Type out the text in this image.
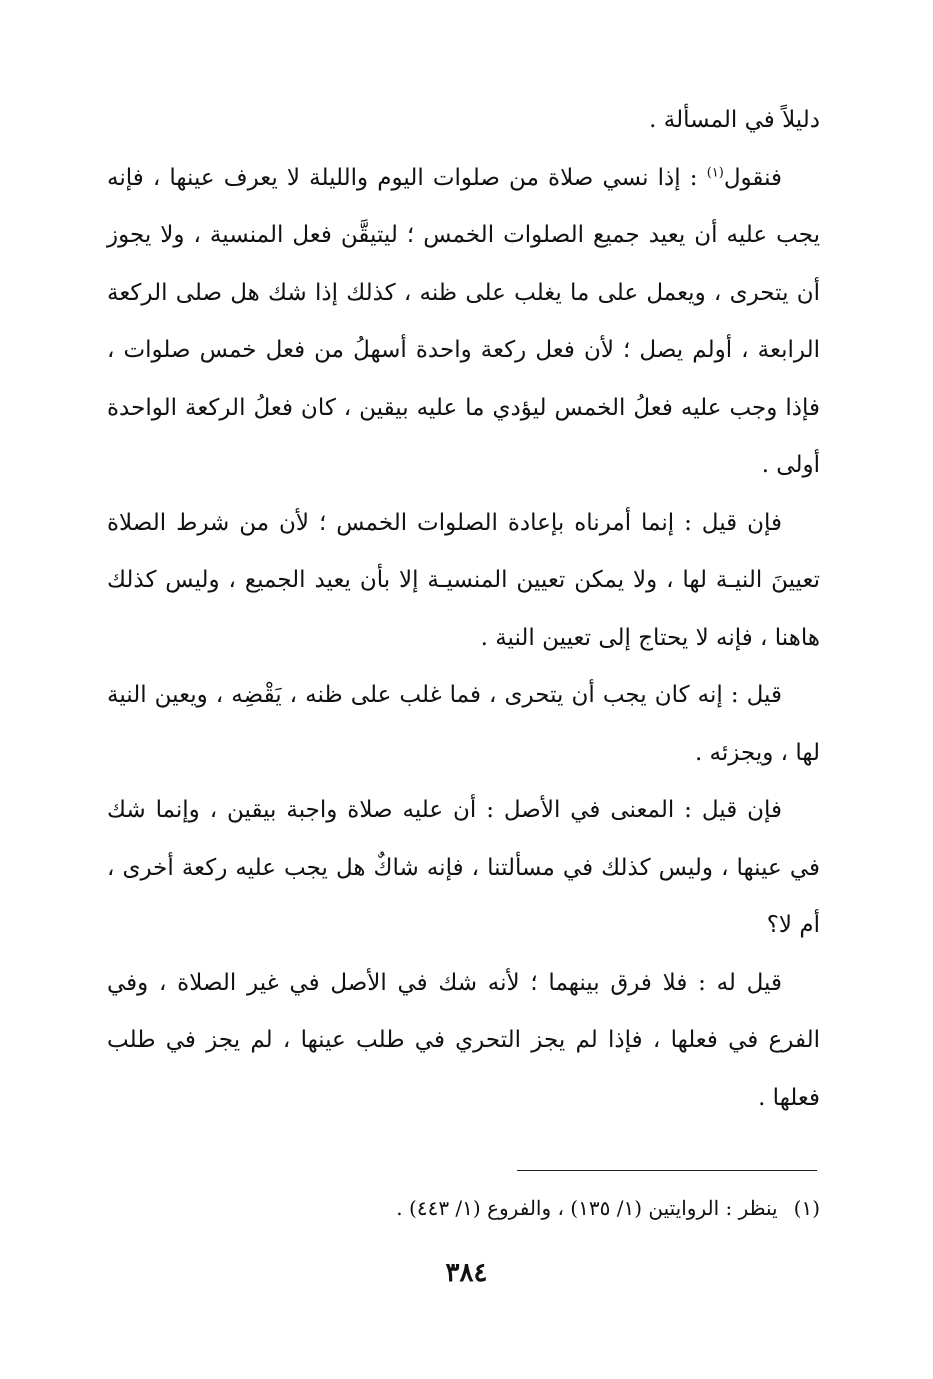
دليلاً في المسألة .

فنقول$^{(١)}$ : إذا نسي صلاة من صلوات اليوم والليلة لا يعرف عينها ، فإنه يجب عليه أن يعيد جميع الصلوات الخمس ؛ ليتيقَّن فعل المنسية ، ولا يجوز أن يتحرى ، ويعمل على ما يغلب على ظنه ، كذلك إذا شك هل صلى الركعة الرابعة ، أولم يصل ؛ لأن فعل ركعة واحدة أسهلُ من فعل خمس صلوات ، فإذا وجب عليه فعلُ الخمس ليؤدي ما عليه بيقين ، كان فعلُ الركعة الواحدة أولى .

فإن قيل : إنما أمرناه بإعادة الصلوات الخمس ؛ لأن من شرط الصلاة تعيينَ النيـة لها ، ولا يمكن تعيين المنسيـة إلا بأن يعيد الجميع ، وليس كذلك هاهنا ، فإنه لا يحتاج إلى تعيين النية .

قيل : إنه كان يجب أن يتحرى ، فما غلب على ظنه ، يَقْضِه ، ويعين النية لها ، ويجزئه .

فإن قيل : المعنى في الأصل : أن عليه صلاة واجبة بيقين ، وإنما شك في عينها ، وليس كذلك في مسألتنا ، فإنه شاكٌ هل يجب عليه ركعة أخرى ، أم لا؟

قيل له : فلا فرق بينهما ؛ لأنه شك في الأصل في غير الصلاة ، وفي الفرع في فعلها ، فإذا لم يجز التحري في طلب عينها ، لم يجز في طلب فعلها .

(١)ينظر : الروايتين (١/ ١٣٥) ، والفروع (١/ ٤٤٣) .
٣٨٤
